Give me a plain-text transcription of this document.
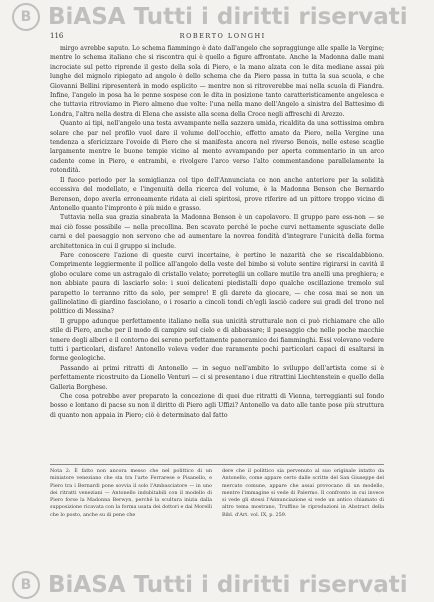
B BiASA Tutti i diritti riservati
116	ROBERTO LONGHI

mirgo avrebbe saputo. Lo schema fiammingo è dato dall'angelo che sopraggiunge alle spalle la Vergine; mentre lo schema italiano che si riscontra qui è quello a figure affrontate. Anche la Madonna dalle mani incrociate sul petto riprende il gesto della sola di Piero, e la mano alzata con le dita mediane assai più lunghe del mignolo ripiegato ad angolo è dello schema che da Piero passa in tutta la sua scuola, e che Giovanni Bellini ripresenterà in modo esplicito — mentre non si ritroverebbe mai nella scuola di Fiandra. Infine, l'angelo in posa ha le penne sospese con le dita in posizione tanto caratteristicamente angelesca e che tuttavia ritroviamo in Piero almeno due volte: l'una nella mano dell'Angelo a sinistra del Battesimo di Londra, l'altra nella destra di Elena che assiste alla scena della Croce negli affreschi di Arezzo.

Quanto ai tipi, nell'angelo una testa avvampante nella sazzera umida, ricaldita da una sottissima ombra solare che par nel profilo vuol dare il volume dell'occhio, effetto amato da Piero, nella Vergine una tendenza a sfericizzare l'ovoide di Piero che si manifesta ancora nel riverso Benois, nelle estese scaglie largamente mentre le buone tempie vicino al mento avvampando per aperta commentario in un arco cadente come in Piero, e entrambi, e rivolgere l'arco verso l'alto commentandone parallelamente la rotondità.

Il fuoco periodo per la somiglianza col tipo dell'Annunciata ce non anche anteriore per la solidità eccessiva del modellato, e l'ingenuità della ricerca del volume, è la Madonna Benson che Bernardo Berenson, dopo averla erroneamente ridata ai cieli spiritosi, prove riferire ad un pittore troppo vicino di Antonello quanto l'impronto è più mido e grasso.

Tuttavia nella sua grazia sinabrata la Madonna Benson è un capolavoro. Il gruppo pare ess-non — se mai ciò fosse possibile — nella precollina. Ben scavato perché le poche curvi nettamente sgusciate delle carni e del paesaggio non servono che ad aumentare la novrea fondità d'integrare l'unicità della forma architettonica in cui il gruppo si include.

Fare conoscere l'azione di queste curvi incertaine, è pertino le nazarità che se riscaldabbiono. Comprimente leggiermente il pollice all'angolo della veste del bimbo si volute sentire rigirarsi in cavità il globo oculare come un astragalo di cristallo velato; porreteglii un collare mutile tra anelli una preghiera; e non abbiate paura di lasciarlo solo: i suoi delicateni piedistalli dopo qualche oscillazione tremolo sul parapetto lo terranno ritto da solo, per sempre! E gli darete da giocare, — che cosa mai se non un gallinolatino di giardino fasciolano, o i rosario a cincoli tondi ch'egli lasciò cadere sui gradi del trono nel polittico di Messina?

Il gruppo adunque perfettamente italiano nella sua unicità strutturale non ci può richiamare che allo stile di Piero, anche per il modo di campire sul cielo e di abbassare; il paesaggio che nelle poche macchie tenere degli alberi e il contorno dei sereno perfettamente panoramico dei fiamminghi. Essi volevano vedere tutti i particolari, disfare! Antonello voleva veder due raramente pochi particolari capaci di esaltarsi in forme geologiche.

Passando ai primi ritratti di Antonello — in seguo nell'ambito lo sviluppo dell'artista come si è perfettamente ricostruito da Lionello Venturi — ci si presentano i due ritrattini Liechtenstein e quello della Galleria Borghese.

Che cosa potrebbe aver preparato la concezione di quei due ritratti di Vienna, terreggianti sul fondo bosso e lontano di pacse su non il diritto di Piero agli Uffizi? Antonello va dato alle tante pose più struttura di quanto non appaia in Piero; ciò è determinato dal fatto

Nota 2: È fatto non ancora messo che nel polittico di un miniatore veneziano che sta tra l'arte Ferrarese e Pisanello, e Piero tra i Bernardi pone sovvia il solo l'Ambasciatore — in uno dei ritratti veneziani — Antonello indubitabili con il modello di Piero forse la Madonna Berwyn, perché la scultura inizia dalla supposizione ricavata con la forma usata dei dottori e dai Morelli che lo posto, anche su di pene che
dere che il polittico sia pervenuto al suo originale intatto da Antonello, come appare certo dalle scritte del San Giuseppe del mercato comune, appare che assai provocano di un modello, mentre l'immagine si vede di Palermo. Il confronto in cui invece si vede gli stessi l'Annunciazione si vede un antico chiamato di altro tema mostrano, Truffino le riproduzioni in Abstract della Bibl. d'Art. vol. IX, p. 259.
B BiASA Tutti i diritti riservati
